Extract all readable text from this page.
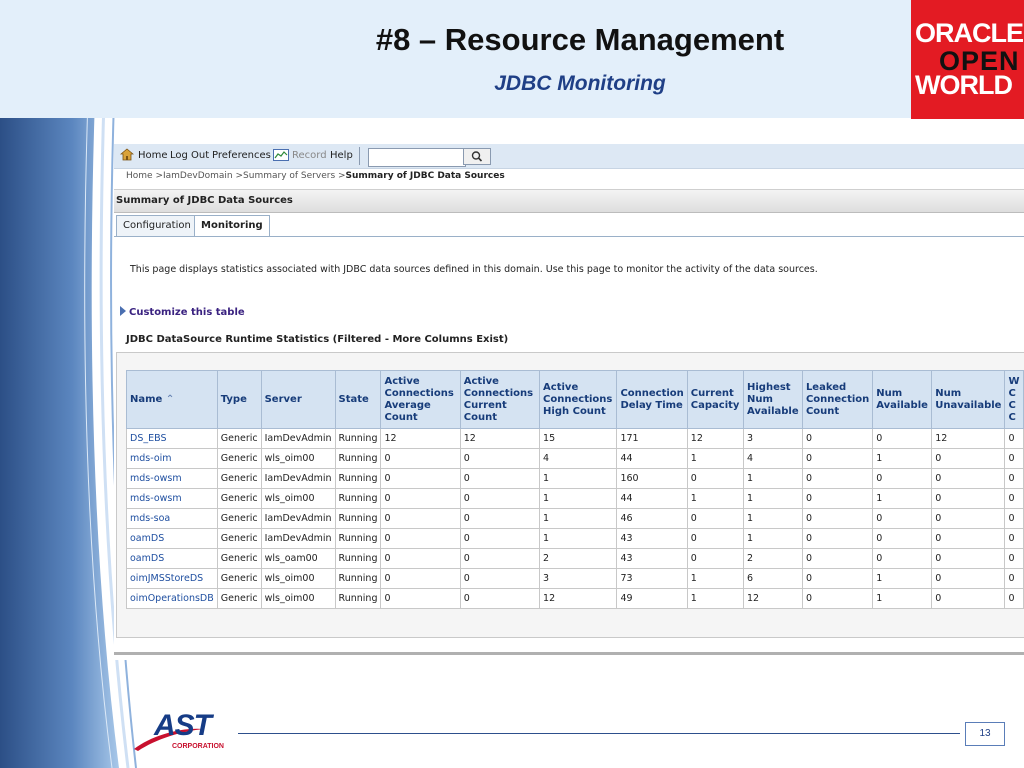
#8 – Resource Management
JDBC Monitoring
ORACLE
OPEN
WORLD
Home Log Out Preferences Record Help
Home >IamDevDomain >Summary of Servers >Summary of JDBC Data Sources
Summary of JDBC Data Sources
Configuration	Monitoring
This page displays statistics associated with JDBC data sources defined in this domain. Use this page to monitor the activity of the data sources.
Customize this table
JDBC DataSource Runtime Statistics (Filtered - More Columns Exist)
Name ⌃	Type	Server	State	Active Connections Average Count	Active Connections Current Count	Active Connections High Count	Connection Delay Time	Current Capacity	Highest Num Available	Leaked Connection Count	Num Available	Num Unavailable	W C C C
DS_EBS	Generic	IamDevAdmin	Running	12	12	15	171	12	3	0	0	12	0
mds-oim	Generic	wls_oim00	Running	0	0	4	44	1	4	0	1	0	0
mds-owsm	Generic	IamDevAdmin	Running	0	0	1	160	0	1	0	0	0	0
mds-owsm	Generic	wls_oim00	Running	0	0	1	44	1	1	0	1	0	0
mds-soa	Generic	IamDevAdmin	Running	0	0	1	46	0	1	0	0	0	0
oamDS	Generic	IamDevAdmin	Running	0	0	1	43	0	1	0	0	0	0
oamDS	Generic	wls_oam00	Running	0	0	2	43	0	2	0	0	0	0
oimJMSStoreDS	Generic	wls_oim00	Running	0	0	3	73	1	6	0	1	0	0
oimOperationsDB	Generic	wls_oim00	Running	0	0	12	49	1	12	0	1	0	0
AST
CORPORATION
13
